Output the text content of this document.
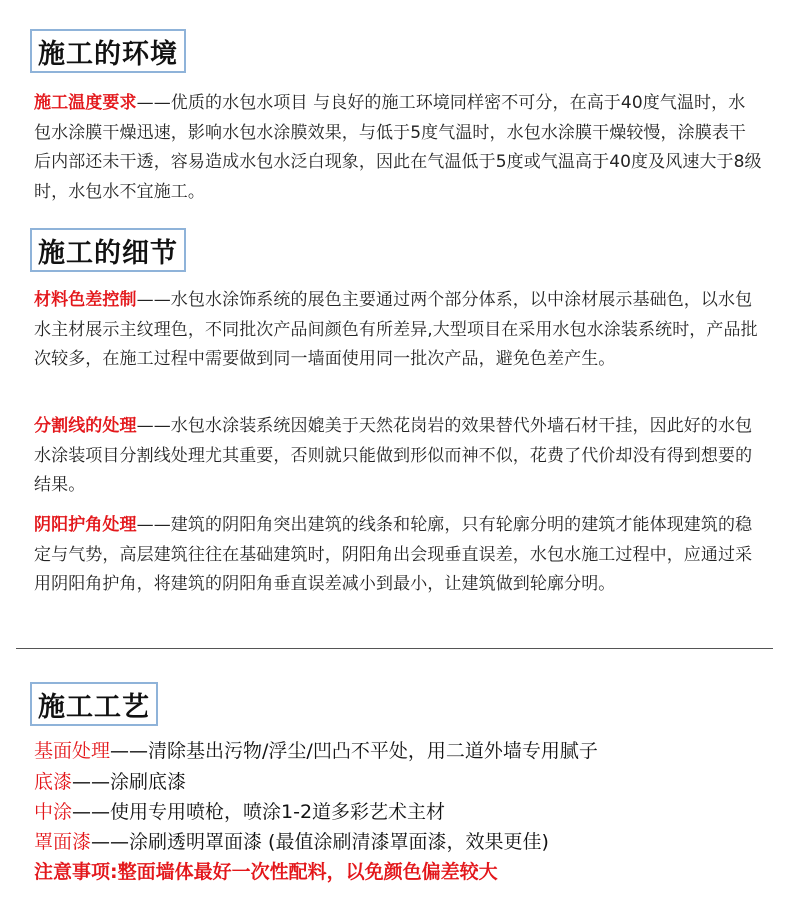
施工的环境
施工温度要求——优质的水包水项目 与良好的施工环境同样密不可分，在高于40度气温时，水包水涂膜干燥迅速，影响水包水涂膜效果，与低于5度气温时，水包水涂膜干燥较慢，涂膜表干后内部还未干透，容易造成水包水泛白现象，因此在气温低于5度或气温高于40度及风速大于8级时，水包水不宜施工。
施工的细节
材料色差控制——水包水涂饰系统的展色主要通过两个部分体系，以中涂材展示基础色，以水包水主材展示主纹理色，不同批次产品间颜色有所差异,大型项目在采用水包水涂装系统时，产品批次较多，在施工过程中需要做到同一墙面使用同一批次产品，避免色差产生。
分割线的处理——水包水涂装系统因媲美于天然花岗岩的效果替代外墙石材干挂，因此好的水包水涂装项目分割线处理尤其重要，否则就只能做到形似而神不似，花费了代价却没有得到想要的结果。
阴阳护角处理——建筑的阴阳角突出建筑的线条和轮廓，只有轮廓分明的建筑才能体现建筑的稳定与气势，高层建筑往往在基础建筑时，阴阳角出会现垂直误差，水包水施工过程中，应通过采用阴阳角护角，将建筑的阴阳角垂直误差减小到最小，让建筑做到轮廓分明。
施工工艺
基面处理——清除基出污物/浮尘/凹凸不平处，用二道外墙专用腻子
底漆——涂刷底漆
中涂——使用专用喷枪，喷涂1-2道多彩艺术主材
罩面漆——涂刷透明罩面漆 (最值涂刷清漆罩面漆，效果更佳)
注意事项:整面墙体最好一次性配料，以免颜色偏差较大
